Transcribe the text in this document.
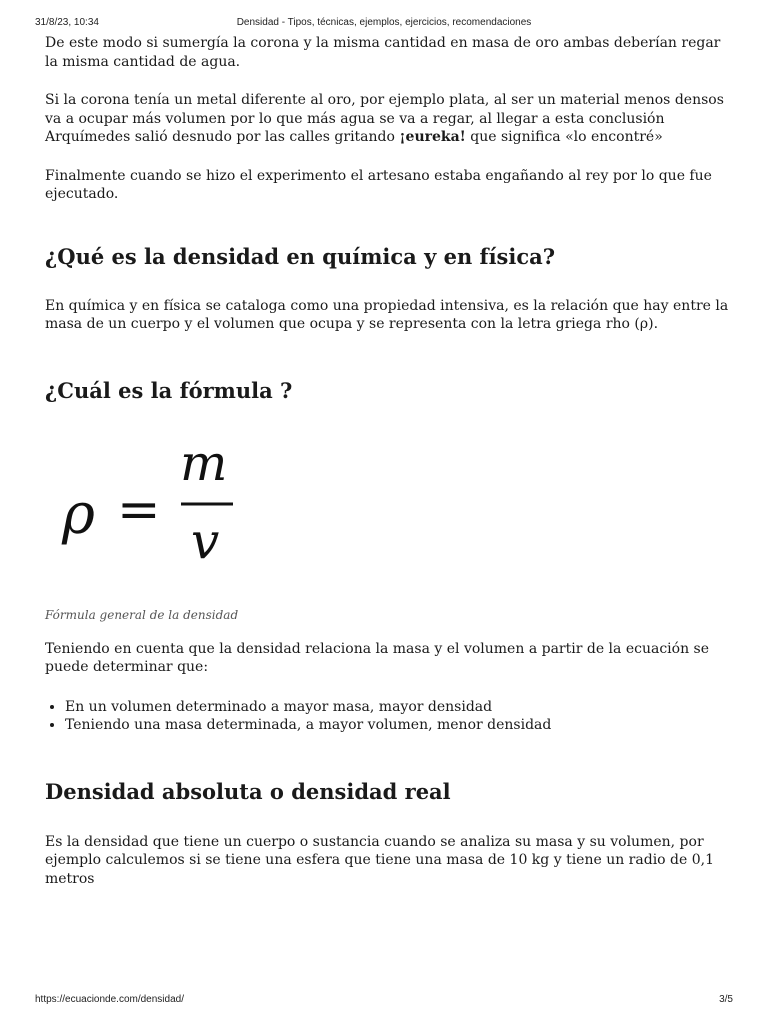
31/8/23, 10:34	Densidad - Tipos, técnicas, ejemplos, ejercicios, recomendaciones

De este modo si sumergía la corona y la misma cantidad en masa de oro ambas deberían regar la misma cantidad de agua.

Si la corona tenía un metal diferente al oro, por ejemplo plata, al ser un material menos densos va a ocupar más volumen por lo que más agua se va a regar, al llegar a esta conclusión Arquímedes salió desnudo por las calles gritando ¡eureka! que significa «lo encontré»

Finalmente cuando se hizo el experimento el artesano estaba engañando al rey por lo que fue ejecutado.

¿Qué es la densidad en química y en física?

En química y en física se cataloga como una propiedad intensiva, es la relación que hay entre la masa de un cuerpo y el volumen que ocupa y se representa con la letra griega rho (ρ).

¿Cuál es la fórmula ?
ρ =
m
v

Fórmula general de la densidad

Teniendo en cuenta que la densidad relaciona la masa y el volumen a partir de la ecuación se puede determinar que:

• En un volumen determinado a mayor masa, mayor densidad
• Teniendo una masa determinada, a mayor volumen, menor densidad
Densidad absoluta o densidad real

Es la densidad que tiene un cuerpo o sustancia cuando se analiza su masa y su volumen, por ejemplo calculemos si se tiene una esfera que tiene una masa de 10 kg y tiene un radio de 0,1 metros

https://ecuacionde.com/densidad/	3/5
